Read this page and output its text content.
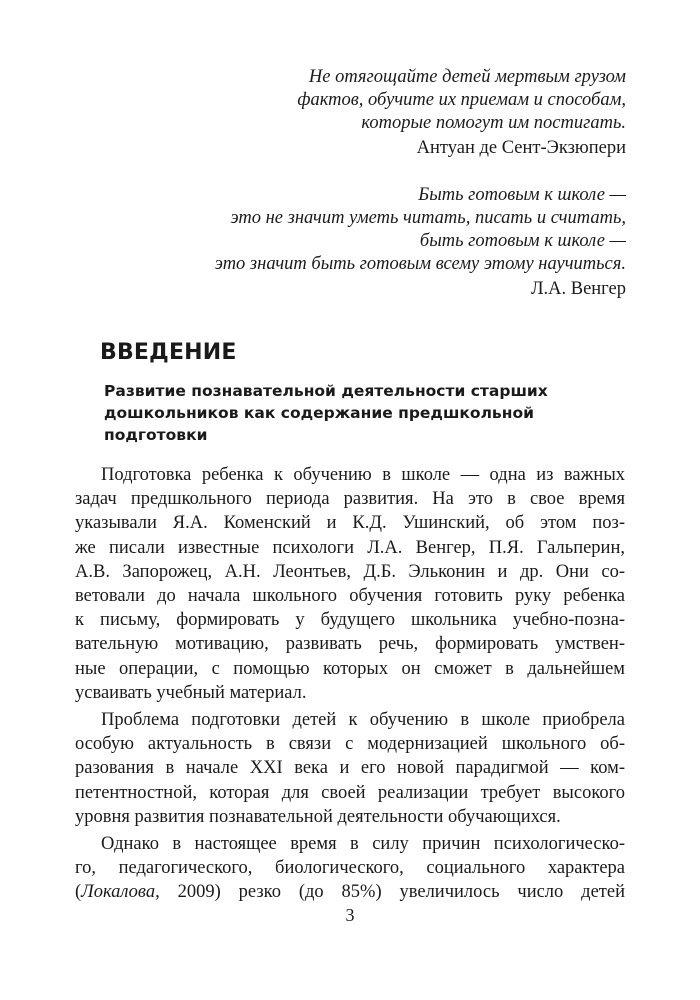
Не отягощайте детей мертвым грузом
фактов, обучите их приемам и способам,
которые помогут им постигать.
Антуан де Сент-Экзюпери
Быть готовым к школе —
это не значит уметь читать, писать и считать,
быть готовым к школе —
это значит быть готовым всему этому научиться.
Л.А. Венгер
ВВЕДЕНИЕ
Развитие познавательной деятельности старших
дошкольников как содержание предшкольной
подготовки

Подготовка ребенка к обучению в школе — одна из важных
задач предшкольного периода развития. На это в свое время
указывали Я.А. Коменский и К.Д. Ушинский, об этом поз-
же писали известные психологи Л.А. Венгер, П.Я. Гальперин,
А.В. Запорожец, А.Н. Леонтьев, Д.Б. Эльконин и др. Они со-
ветовали до начала школьного обучения готовить руку ребенка
к письму, формировать у будущего школьника учебно-позна-
вательную мотивацию, развивать речь, формировать умствен-
ные операции, с помощью которых он сможет в дальнейшем
усваивать учебный материал.

Проблема подготовки детей к обучению в школе приобрела
особую актуальность в связи с модернизацией школьного об-
разования в начале XXI века и его новой парадигмой — ком-
петентностной, которая для своей реализации требует высокого
уровня развития познавательной деятельности обучающихся.

Однако в настоящее время в силу причин психологическо-
го, педагогического, биологического, социального характера
(Локалова, 2009) резко (до 85%) увеличилось число детей

3
